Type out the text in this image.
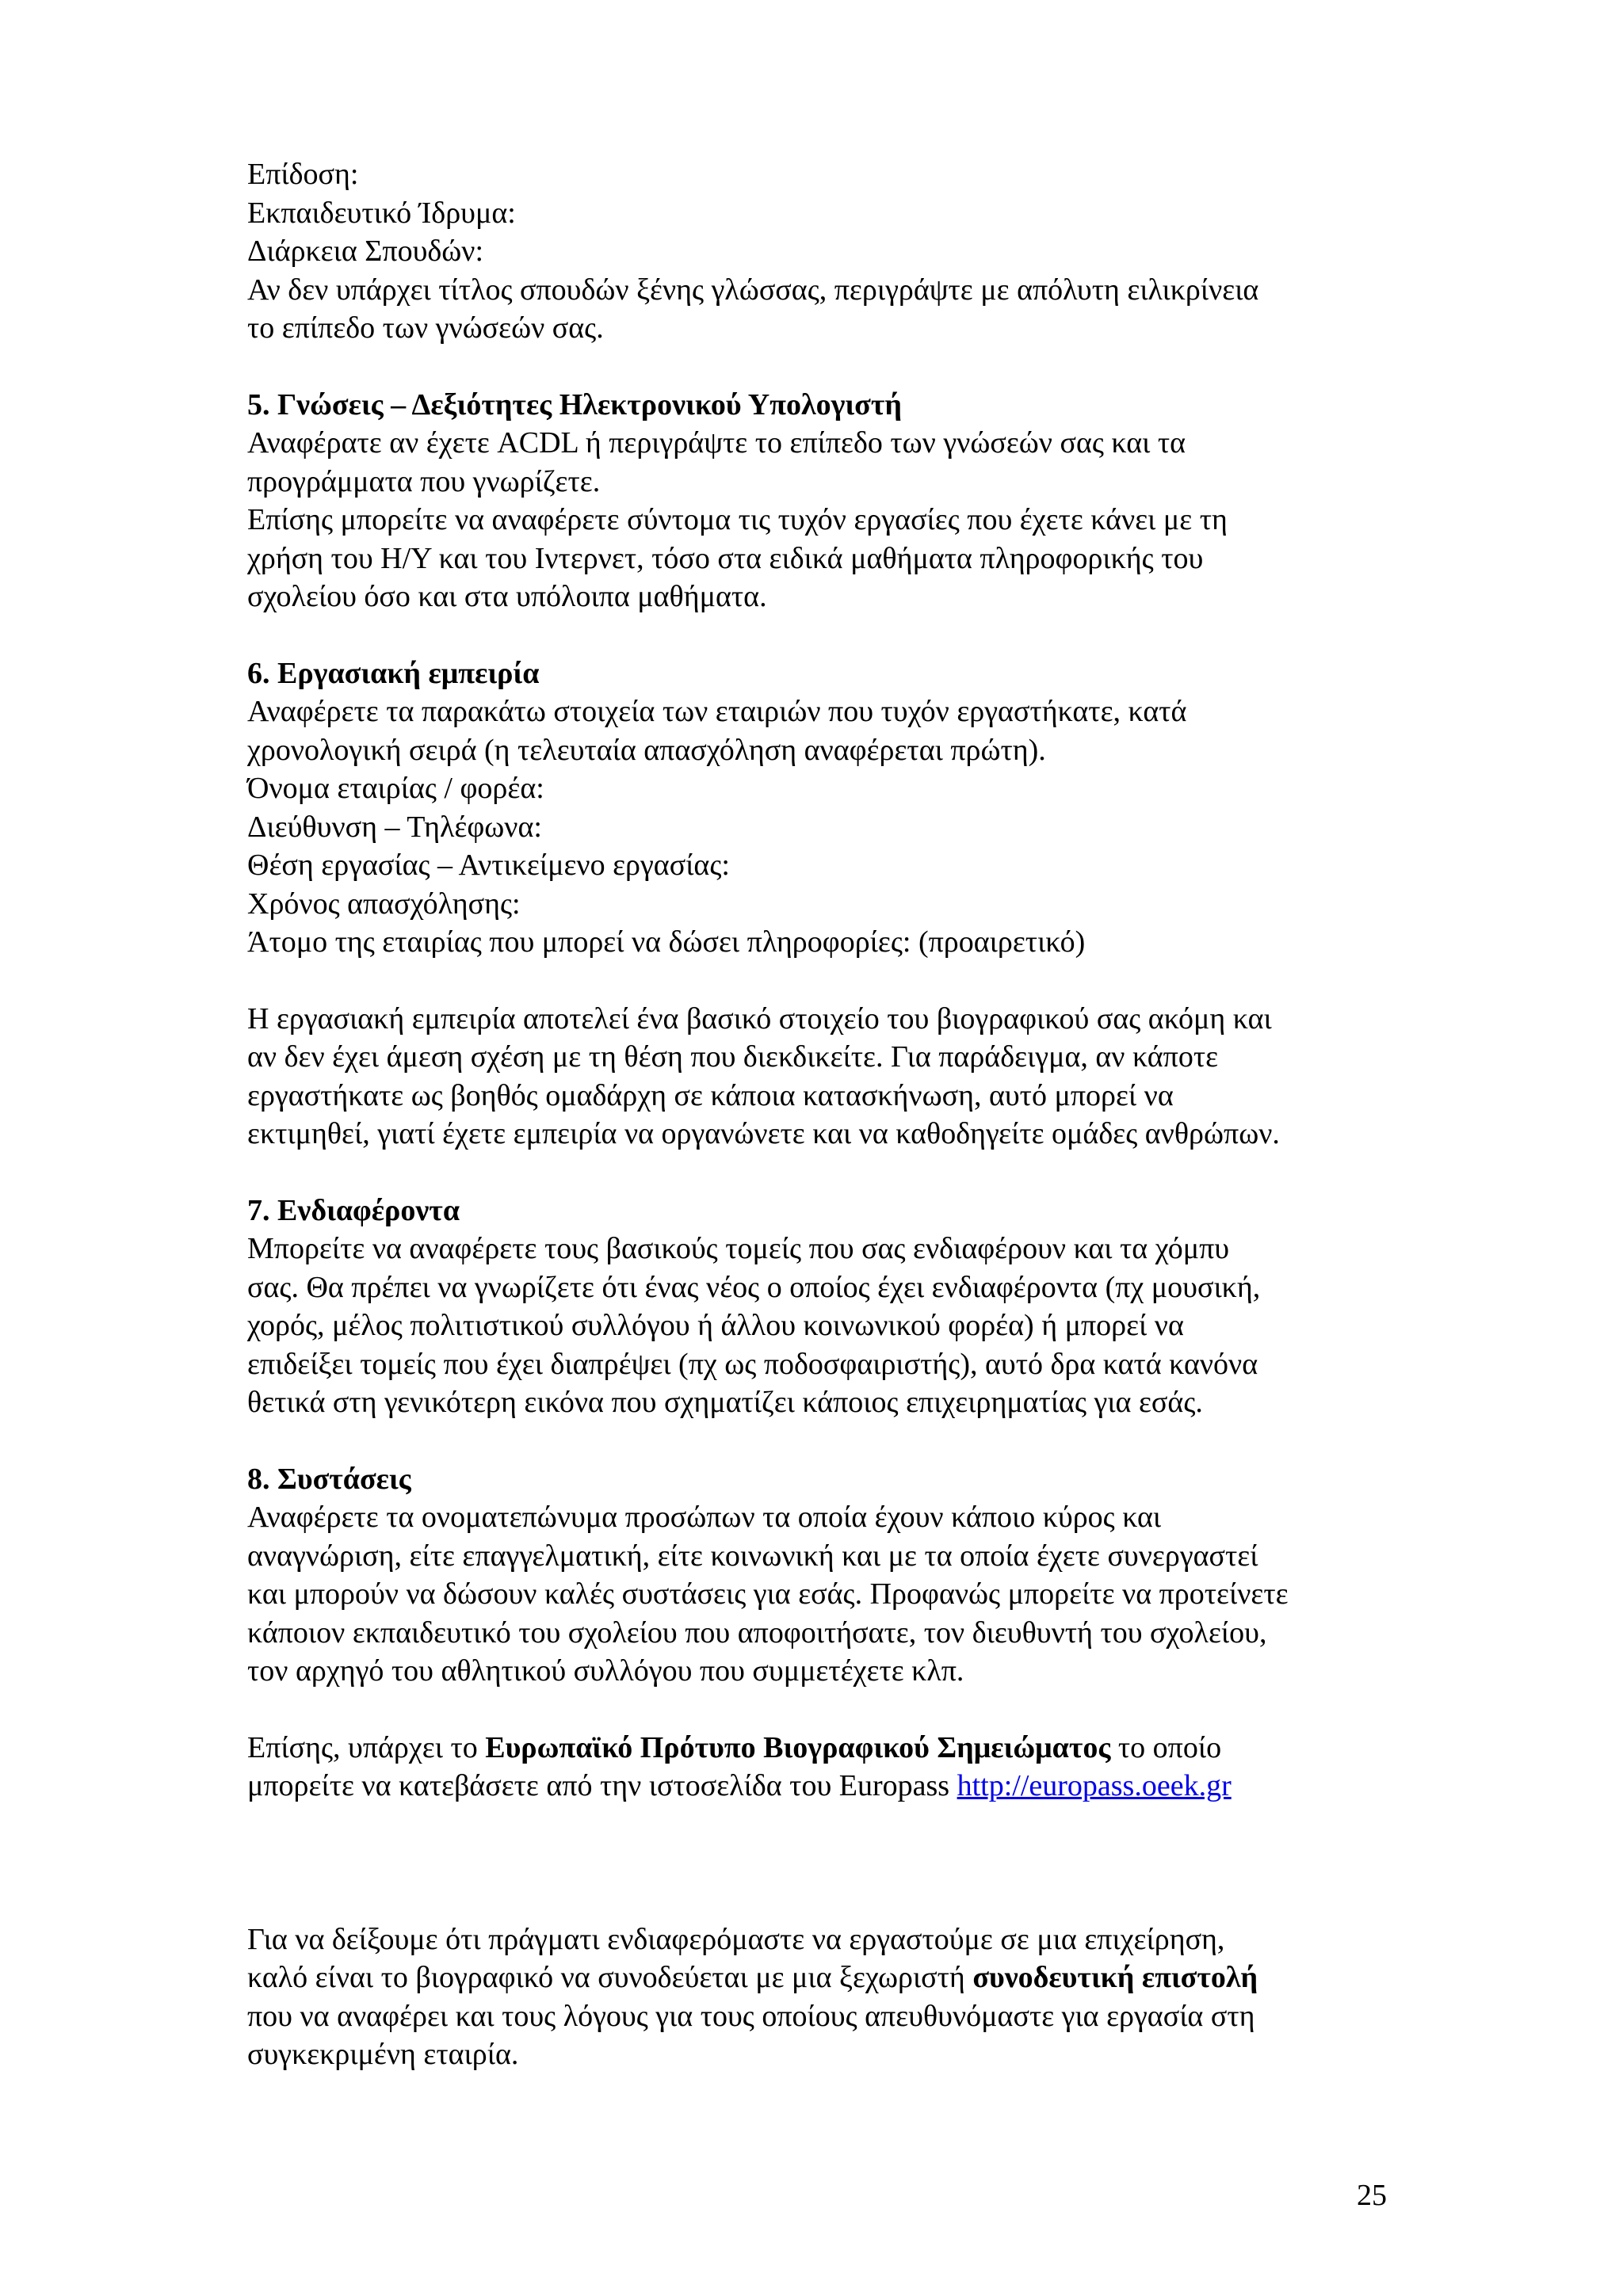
Επίδοση:
Εκπαιδευτικό Ίδρυμα:
Διάρκεια Σπουδών:
Αν δεν υπάρχει τίτλος σπουδών ξένης γλώσσας, περιγράψτε με απόλυτη ειλικρίνεια
το επίπεδο των γνώσεών σας.
5. Γνώσεις – Δεξιότητες Ηλεκτρονικού Υπολογιστή
Αναφέρατε αν έχετε ACDL ή περιγράψτε το επίπεδο των γνώσεών σας και τα
προγράμματα που γνωρίζετε.
Επίσης μπορείτε να αναφέρετε σύντομα τις τυχόν εργασίες που έχετε κάνει με τη
χρήση του Η/Υ και του Ιντερνετ, τόσο στα ειδικά μαθήματα πληροφορικής του
σχολείου όσο και στα υπόλοιπα μαθήματα.
6. Εργασιακή εμπειρία
Αναφέρετε τα παρακάτω στοιχεία των εταιριών που τυχόν εργαστήκατε, κατά
χρονολογική σειρά (η τελευταία απασχόληση αναφέρεται πρώτη).
Όνομα εταιρίας / φορέα:
Διεύθυνση – Τηλέφωνα:
Θέση εργασίας – Αντικείμενο εργασίας:
Χρόνος απασχόλησης:
Άτομο της εταιρίας που μπορεί να δώσει πληροφορίες: (προαιρετικό)
Η εργασιακή εμπειρία αποτελεί ένα βασικό στοιχείο του βιογραφικού σας ακόμη και
αν δεν έχει άμεση σχέση με τη θέση που διεκδικείτε. Για παράδειγμα, αν κάποτε
εργαστήκατε ως βοηθός ομαδάρχη σε κάποια κατασκήνωση, αυτό μπορεί να
εκτιμηθεί, γιατί έχετε εμπειρία να οργανώνετε και να καθοδηγείτε ομάδες ανθρώπων.
7. Ενδιαφέροντα
Μπορείτε να αναφέρετε τους βασικούς τομείς που σας ενδιαφέρουν και τα χόμπυ
σας. Θα πρέπει να γνωρίζετε ότι ένας νέος ο οποίος έχει ενδιαφέροντα (πχ μουσική,
χορός, μέλος πολιτιστικού συλλόγου ή άλλου κοινωνικού φορέα) ή μπορεί να
επιδείξει τομείς που έχει διαπρέψει (πχ ως ποδοσφαιριστής), αυτό δρα κατά κανόνα
θετικά στη γενικότερη εικόνα που σχηματίζει κάποιος επιχειρηματίας για εσάς.
8. Συστάσεις
Αναφέρετε τα ονοματεπώνυμα προσώπων τα οποία έχουν κάποιο κύρος και
αναγνώριση, είτε επαγγελματική, είτε κοινωνική και με τα οποία έχετε συνεργαστεί
και μπορούν να δώσουν καλές συστάσεις για εσάς. Προφανώς μπορείτε να προτείνετε
κάποιον εκπαιδευτικό του σχολείου που αποφοιτήσατε, τον διευθυντή του σχολείου,
τον αρχηγό του αθλητικού συλλόγου που συμμετέχετε κλπ.
Επίσης, υπάρχει το Ευρωπαϊκό Πρότυπο Βιογραφικού Σημειώματος το οποίο
μπορείτε να κατεβάσετε από την ιστοσελίδα του Europass http://europass.oeek.gr
Για να δείξουμε ότι πράγματι ενδιαφερόμαστε να εργαστούμε σε μια επιχείρηση,
καλό είναι το βιογραφικό να συνοδεύεται με μια ξεχωριστή συνοδευτική επιστολή
που να αναφέρει και τους λόγους για τους οποίους απευθυνόμαστε για εργασία στη
συγκεκριμένη εταιρία.
25
